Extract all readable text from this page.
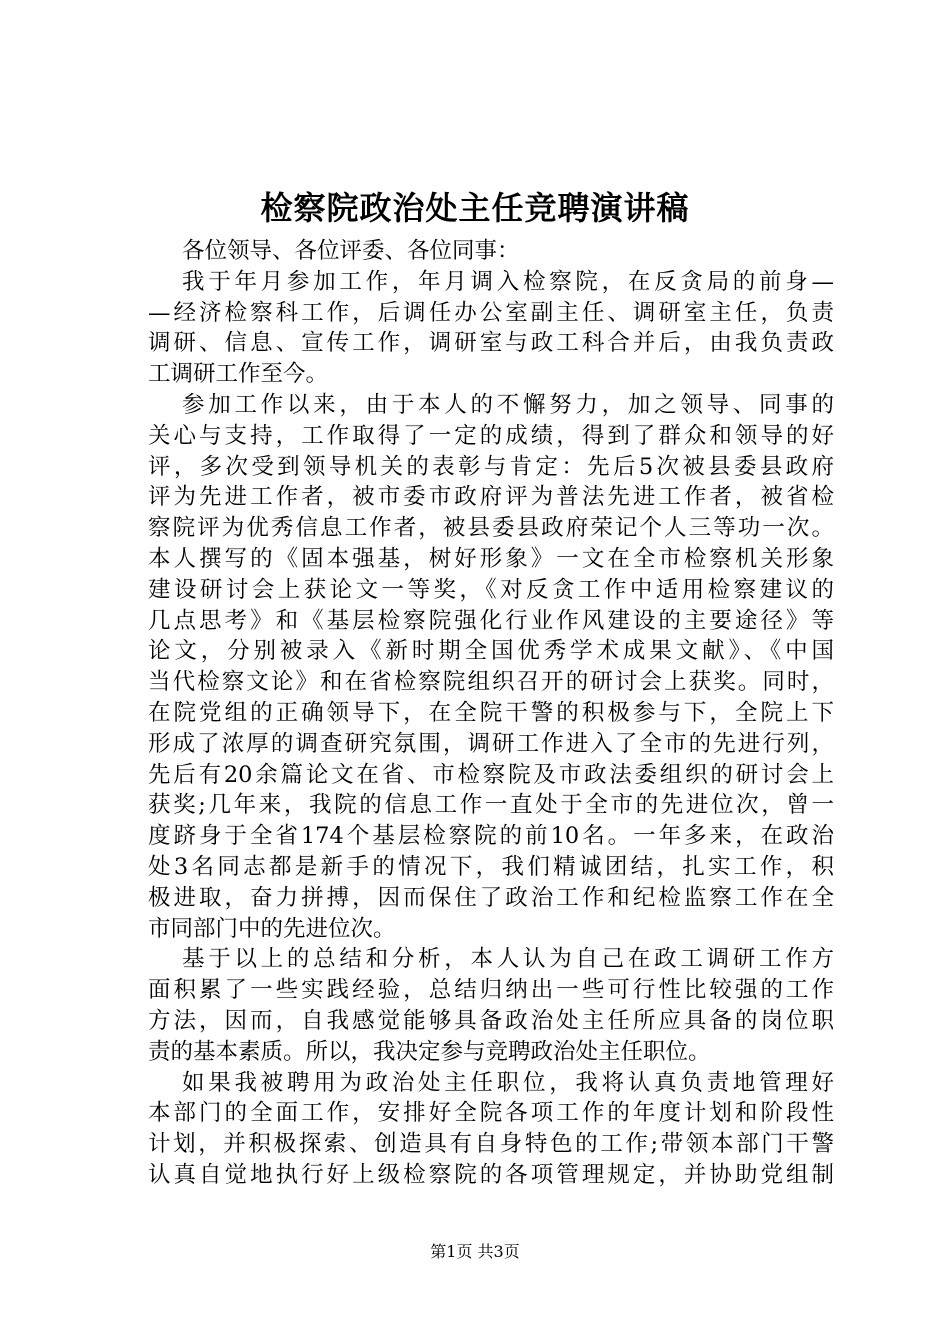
检察院政治处主任竞聘演讲稿
各位领导、各位评委、各位同事：
我于年月参加工作，年月调入检察院，在反贪局的前身—
—经济检察科工作，后调任办公室副主任、调研室主任，负责
调研、信息、宣传工作，调研室与政工科合并后，由我负责政
工调研工作至今。
参加工作以来，由于本人的不懈努力，加之领导、同事的
关心与支持，工作取得了一定的成绩，得到了群众和领导的好
评，多次受到领导机关的表彰与肯定：先后5次被县委县政府
评为先进工作者，被市委市政府评为普法先进工作者，被省检
察院评为优秀信息工作者，被县委县政府荣记个人三等功一次。
本人撰写的《固本强基，树好形象》一文在全市检察机关形象
建设研讨会上获论文一等奖，《对反贪工作中适用检察建议的
几点思考》和《基层检察院强化行业作风建设的主要途径》等
论文，分别被录入《新时期全国优秀学术成果文献》、《中国
当代检察文论》和在省检察院组织召开的研讨会上获奖。同时，
在院党组的正确领导下，在全院干警的积极参与下，全院上下
形成了浓厚的调查研究氛围，调研工作进入了全市的先进行列，
先后有20余篇论文在省、市检察院及市政法委组织的研讨会上
获奖;几年来，我院的信息工作一直处于全市的先进位次，曾一
度跻身于全省174个基层检察院的前10名。一年多来，在政治
处3名同志都是新手的情况下，我们精诚团结，扎实工作，积
极进取，奋力拼搏，因而保住了政治工作和纪检监察工作在全
市同部门中的先进位次。
基于以上的总结和分析，本人认为自己在政工调研工作方
面积累了一些实践经验，总结归纳出一些可行性比较强的工作
方法，因而，自我感觉能够具备政治处主任所应具备的岗位职
责的基本素质。所以，我决定参与竞聘政治处主任职位。
如果我被聘用为政治处主任职位，我将认真负责地管理好
本部门的全面工作，安排好全院各项工作的年度计划和阶段性
计划，并积极探索、创造具有自身特色的工作;带领本部门干警
认真自觉地执行好上级检察院的各项管理规定，并协助党组制
第1页 共3页
